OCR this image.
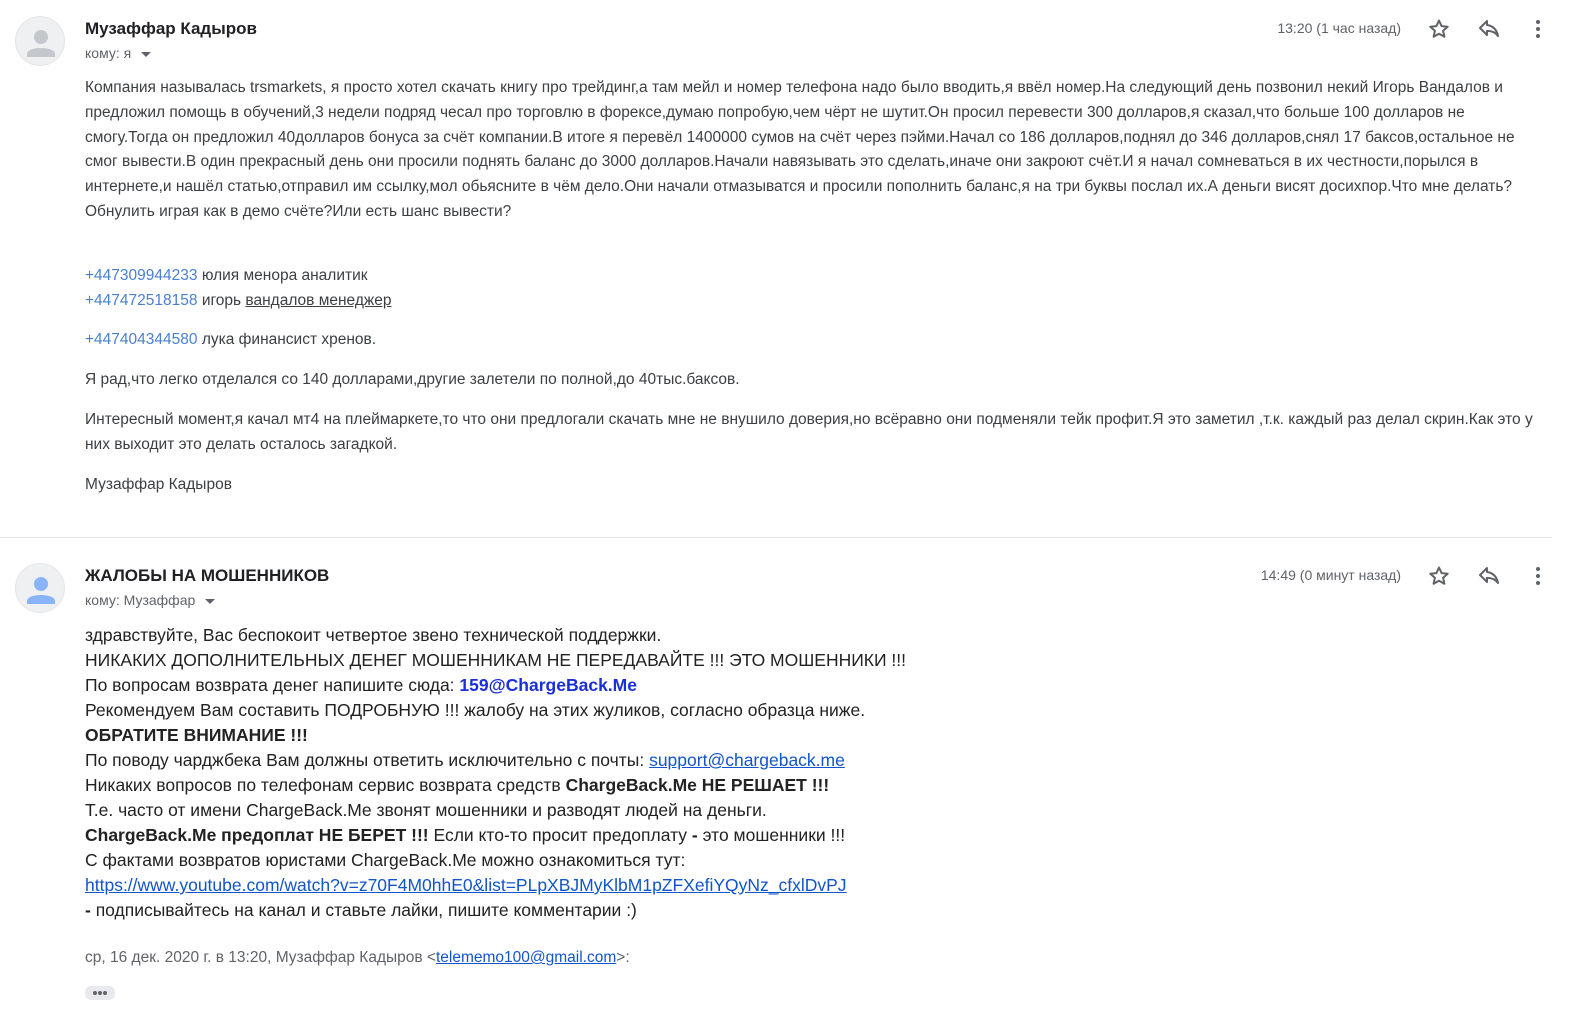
Музаффар Кадыров
кому: я
13:20 (1 час назад)

Компания называлась trsmarkets, я просто хотел скачать книгу про трейдинг,а там мейл и номер телефона надо было вводить,я ввёл номер.На следующий день позвонил некий Игорь Вандалов и предложил помощь в обучений,3 недели подряд чесал про торговлю в форексе,думаю попробую,чем чёрт не шутит.Он просил перевести 300 долларов,я сказал,что больше 100 долларов не смогу.Тогда он предложил 40долларов бонуса за счёт компании.В итоге я перевёл 1400000 сумов на счёт через пэйми.Начал со 186 долларов,поднял до 346 долларов,снял 17 баксов,остальное не смог вывести.В один прекрасный день они просили поднять баланс до 3000 долларов.Начали навязывать это сделать,иначе они закроют счёт.И я начал сомневаться в их честности,порылся в интернете,и нашёл статью,отправил им ссылку,мол обьясните в чём дело.Они начали отмазыватся и просили пополнить баланс,я на три буквы послал их.А деньги висят досихпор.Что мне делать?Обнулить играя как в демо счёте?Или есть шанс вывести?

+447309944233 юлия менора аналитик
+447472518158 игорь вандалов менеджер
+447404344580 лука финансист хренов.

Я рад,что легко отделался со 140 долларами,другие залетели по полной,до 40тыс.баксов.

Интересный момент,я качал мт4 на плеймаркете,то что они предлогали скачать мне не внушило доверия,но всёравно они подменяли тейк профит.Я это заметил ,т.к. каждый раз делал скрин.Как это у них выходит это делать осталось загадкой.

Музаффар Кадыров

ЖАЛОБЫ НА МОШЕННИКОВ
кому: Музаффар
14:49 (0 минут назад)
здравствуйте, Вас беспокоит четвертое звено технической поддержки.
НИКАКИХ ДОПОЛНИТЕЛЬНЫХ ДЕНЕГ МОШЕННИКАМ НЕ ПЕРЕДАВАЙТЕ !!! ЭТО МОШЕННИКИ !!!
По вопросам возврата денег напишите сюда: 159@ChargeBack.Me
Рекомендуем Вам составить ПОДРОБНУЮ !!! жалобу на этих жуликов, согласно образца ниже.
ОБРАТИТЕ ВНИМАНИЕ !!!
По поводу чарджбека Вам должны ответить исключительно с почты: support@chargeback.me
Никаких вопросов по телефонам сервис возврата средств ChargeBack.Me НЕ РЕШАЕТ !!!
Т.е. часто от имени ChargeBack.Me звонят мошенники и разводят людей на деньги.
ChargeBack.Me предоплат НЕ БЕРЕТ !!! Если кто-то просит предоплату - это мошенники !!!
С фактами возвратов юристами ChargeBack.Me можно ознакомиться тут:
https://www.youtube.com/watch?v=z70F4M0hhE0&list=PLpXBJMyKlbM1pZFXefiYQyNz_cfxlDvPJ
- подписывайтесь на канал и ставьте лайки, пишите комментарии :)
ср, 16 дек. 2020 г. в 13:20, Музаффар Кадыров <telememo100@gmail.com>:
